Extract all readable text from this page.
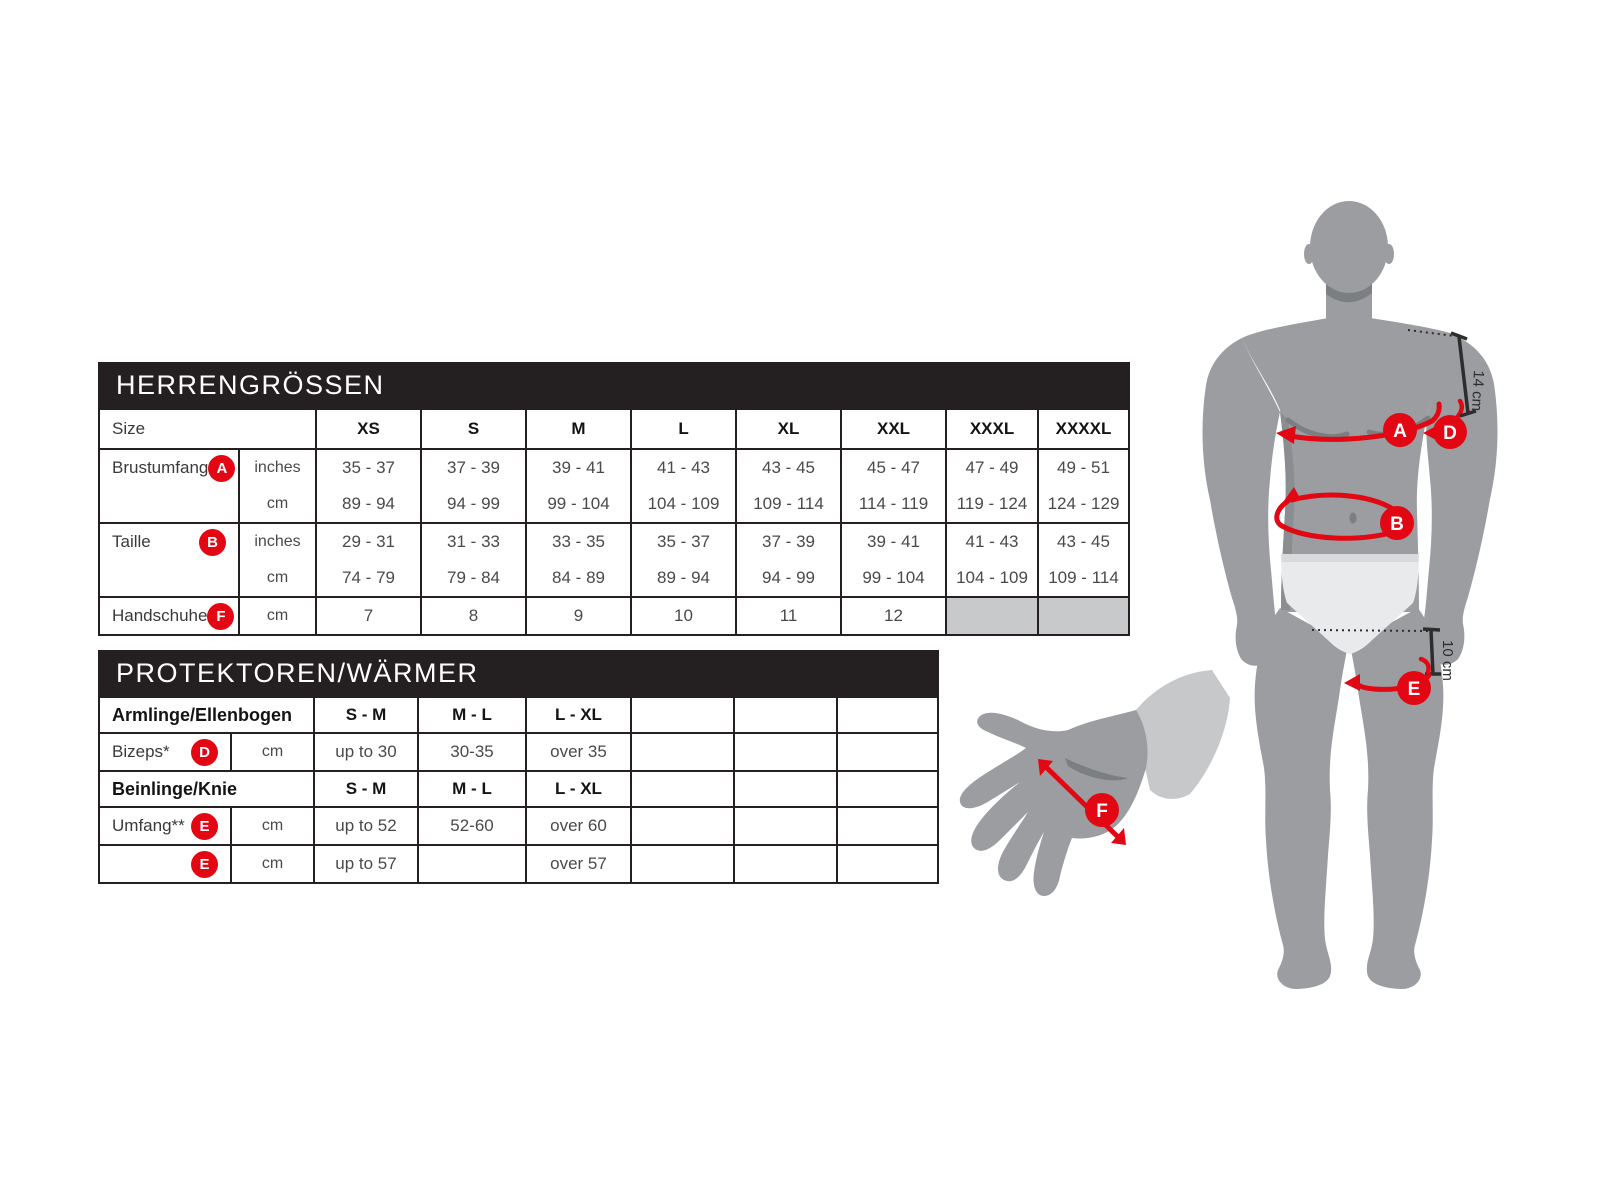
HERRENGRÖSSEN
Size		XS	S	M	L	XL	XXL	XXXL	XXXXL

Brustumfang A	inches	35 - 37	37 - 39	39 - 41	41 - 43	43 - 45	45 - 47	47 - 49	49 - 51
	cm	89 - 94	94 - 99	99 - 104	104 - 109	109 - 114	114 - 119	119 - 124	124 - 129

Taille B	inches	29 - 31	31 - 33	33 - 35	35 - 37	37 - 39	39 - 41	41 - 43	43 - 45
	cm	74 - 79	79 - 84	84 - 89	89 - 94	94 - 99	99 - 104	104 - 109	109 - 114

Handschuhe F	cm	7	8	9	10	11	12		
PROTEKTOREN/WÄRMER
Armlinge/Ellenbogen		S - M	M - L	L - XL			

Bizeps* D	cm	up to 30	30-35	over 35			
Beinlinge/Knie		S - M	M - L	L - XL			

Umfang** E	cm	up to 52	52-60	over 60			

E	cm	up to 57		over 57			
A D
14 cm
B
10 cm
E
F
